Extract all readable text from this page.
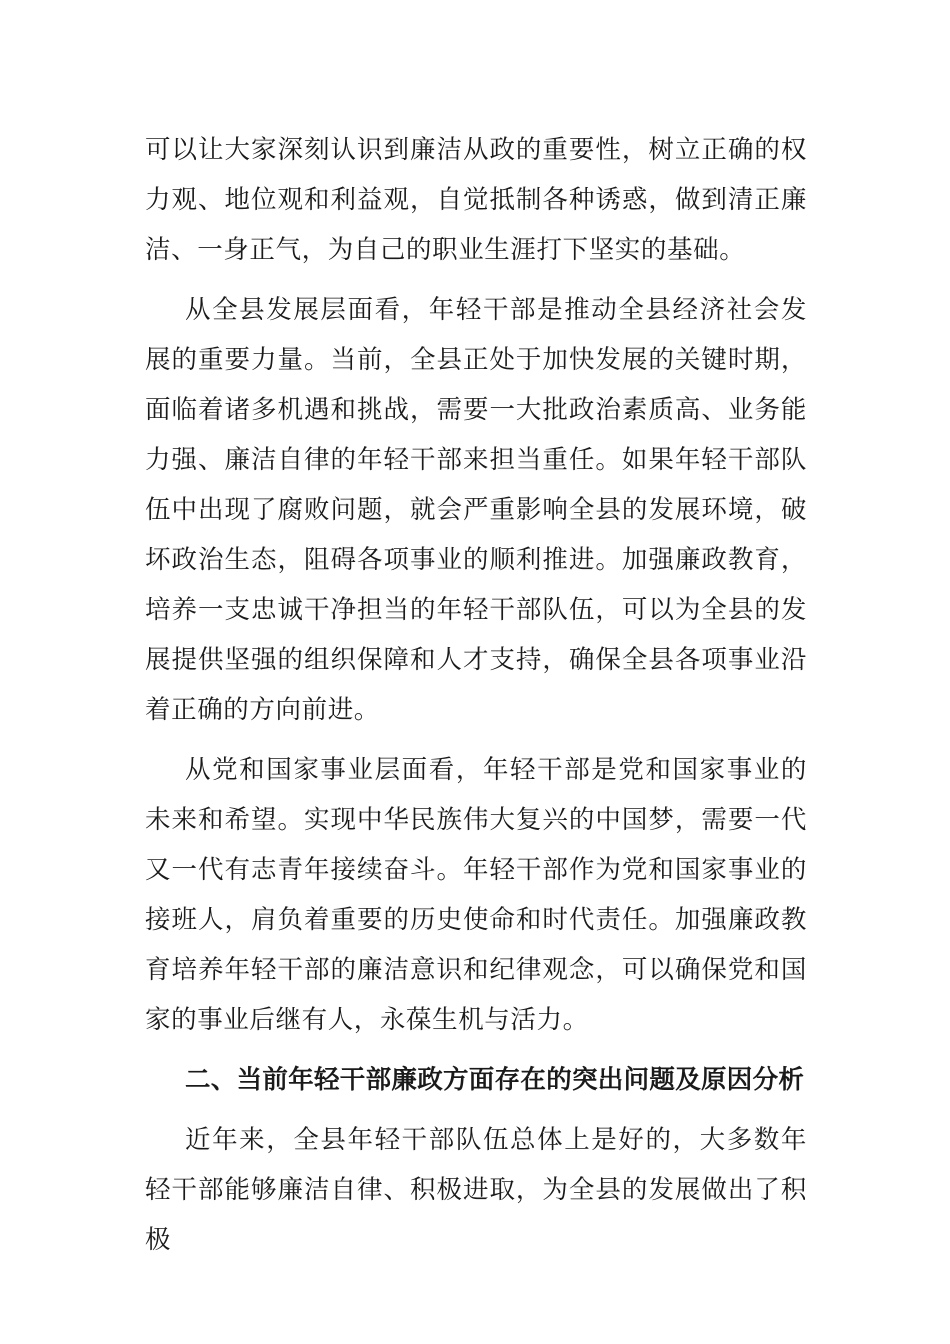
可以让大家深刻认识到廉洁从政的重要性，树立正确的权力观、地位观和利益观，自觉抵制各种诱惑，做到清正廉洁、一身正气，为自己的职业生涯打下坚实的基础。

从全县发展层面看，年轻干部是推动全县经济社会发展的重要力量。当前，全县正处于加快发展的关键时期，面临着诸多机遇和挑战，需要一大批政治素质高、业务能力强、廉洁自律的年轻干部来担当重任。如果年轻干部队伍中出现了腐败问题，就会严重影响全县的发展环境，破坏政治生态，阻碍各项事业的顺利推进。加强廉政教育，培养一支忠诚干净担当的年轻干部队伍，可以为全县的发展提供坚强的组织保障和人才支持，确保全县各项事业沿着正确的方向前进。

从党和国家事业层面看，年轻干部是党和国家事业的未来和希望。实现中华民族伟大复兴的中国梦，需要一代又一代有志青年接续奋斗。年轻干部作为党和国家事业的接班人，肩负着重要的历史使命和时代责任。加强廉政教育培养年轻干部的廉洁意识和纪律观念，可以确保党和国家的事业后继有人，永葆生机与活力。

二、当前年轻干部廉政方面存在的突出问题及原因分析

近年来，全县年轻干部队伍总体上是好的，大多数年轻干部能够廉洁自律、积极进取，为全县的发展做出了积极
